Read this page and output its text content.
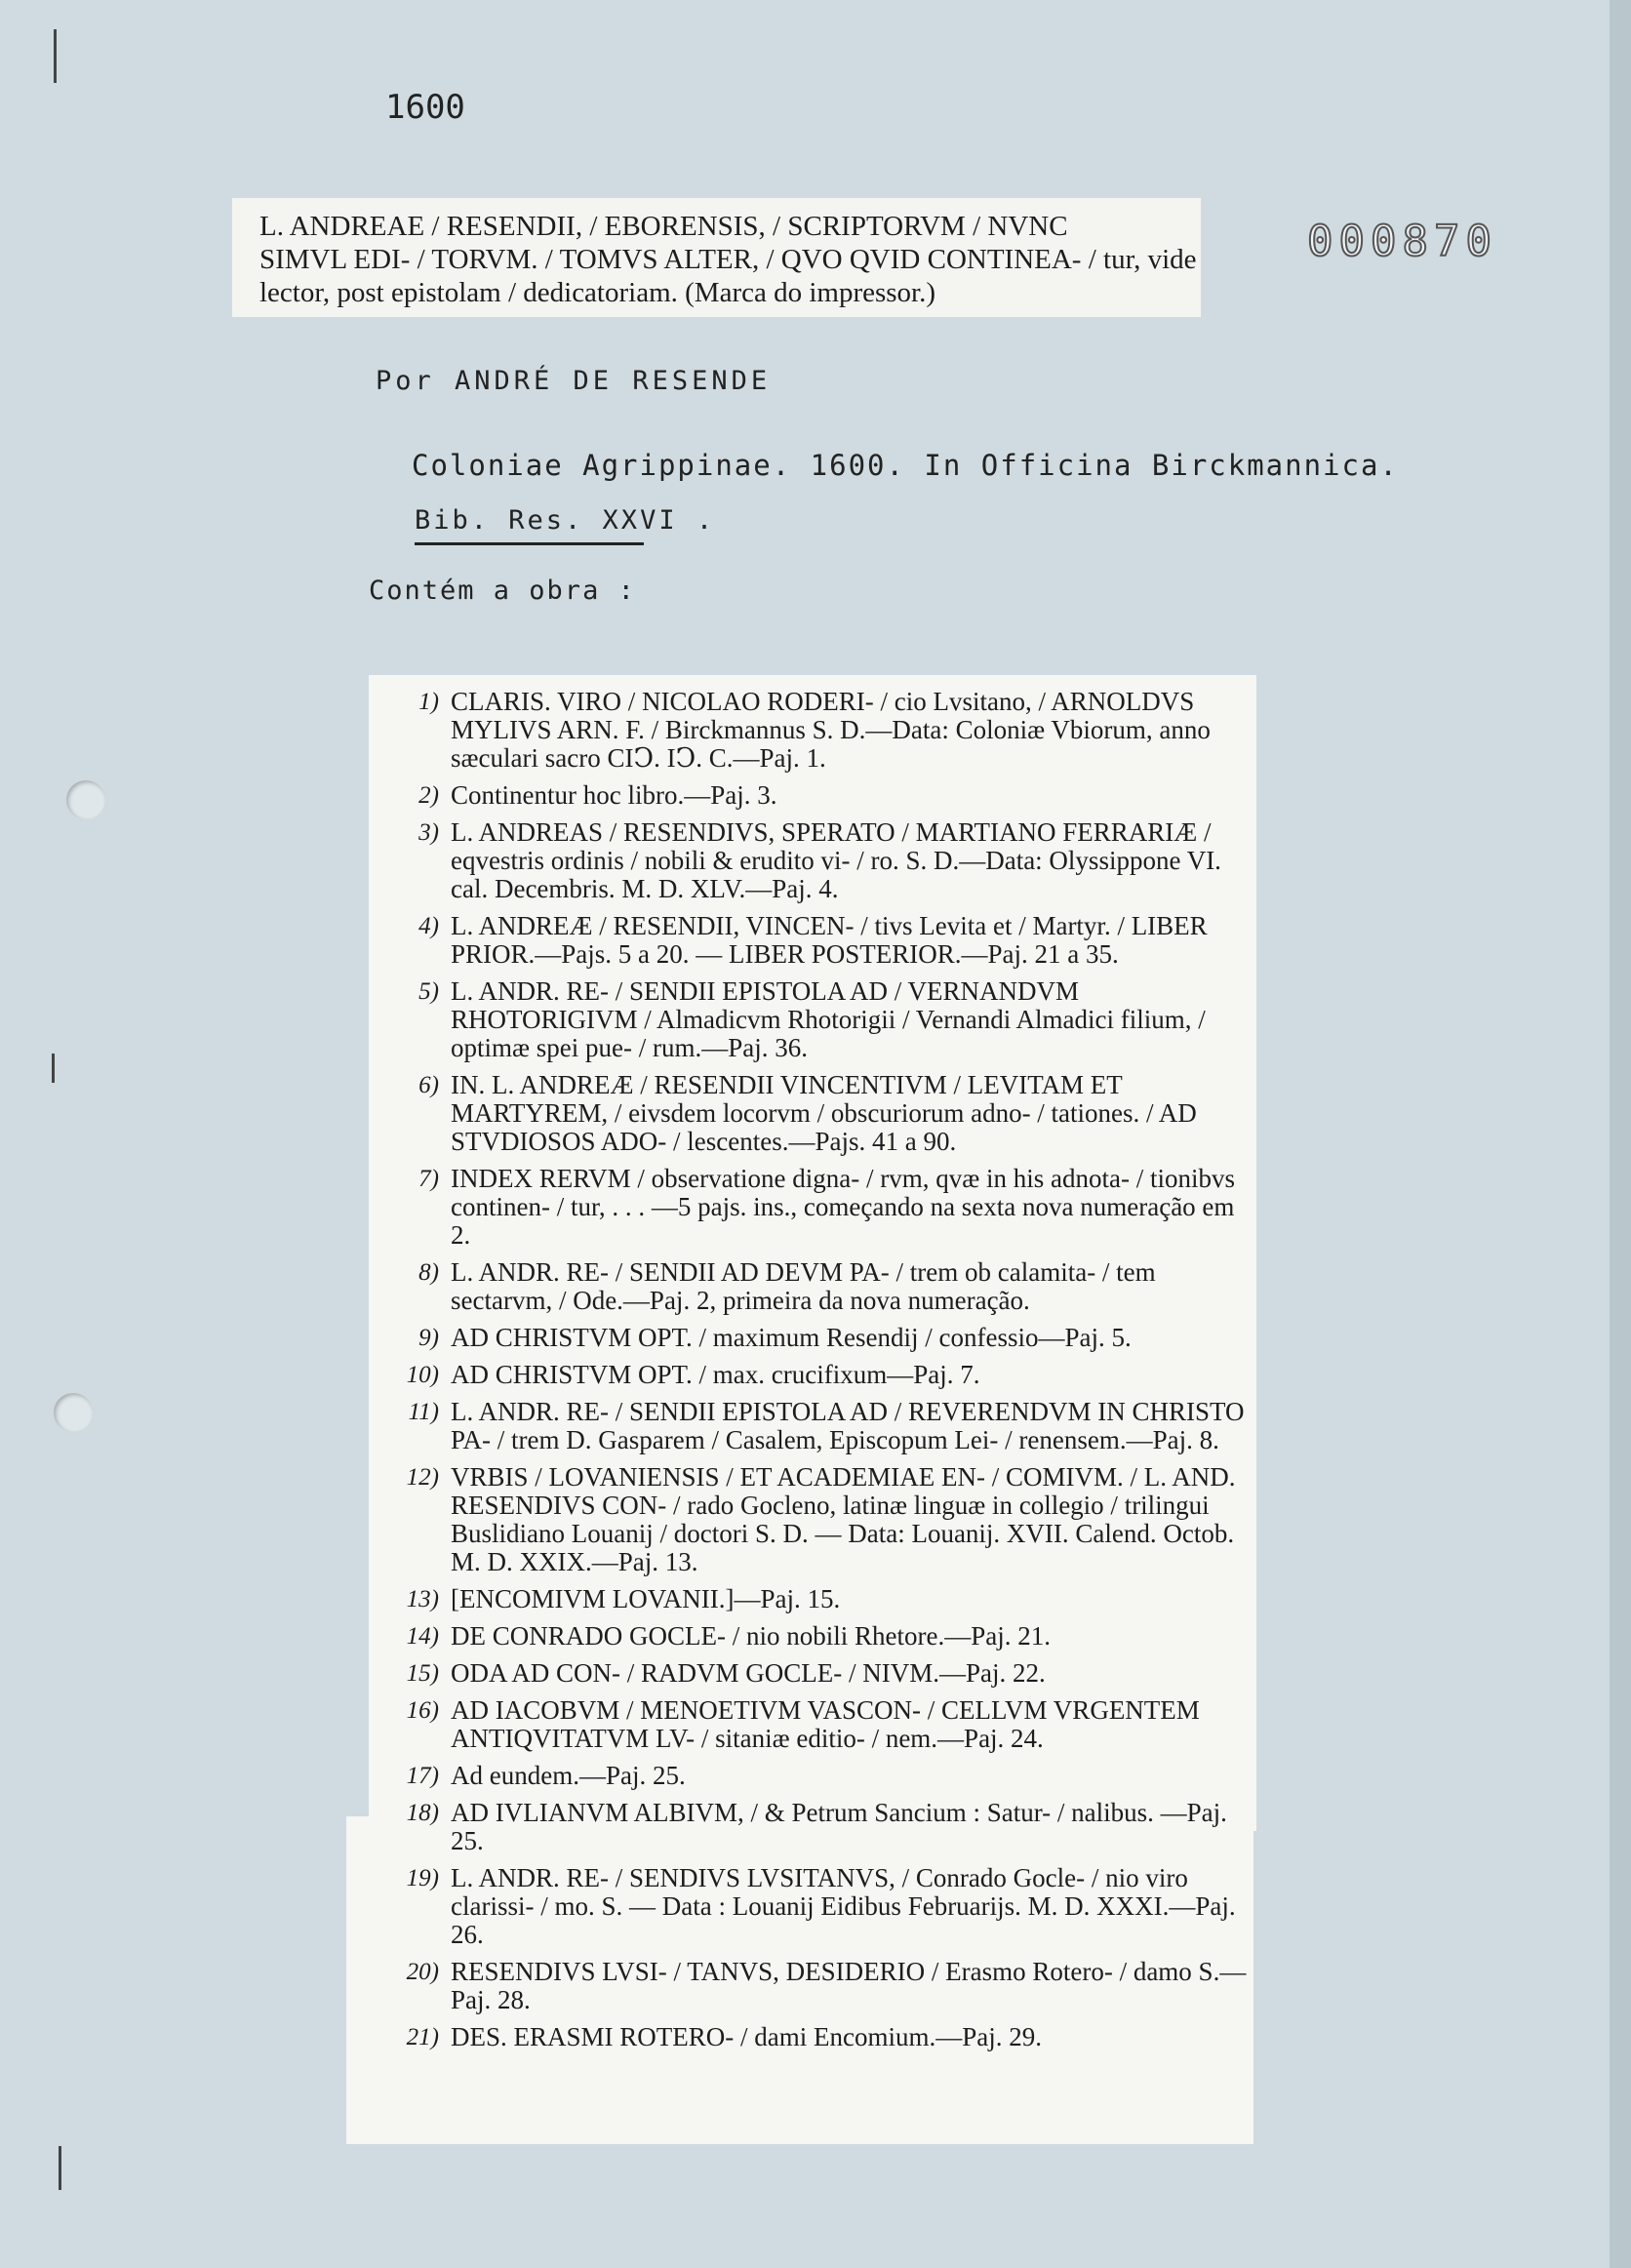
1600
000870
L. ANDREAE / RESENDII, / EBORENSIS, / SCRIPTORVM / NVNC
SIMVL EDI- / TORVM. / TOMVS ALTER, / QVO QVID CONTINEA- / tur, vide
lector, post epistolam / dedicatoriam. (Marca do impressor.)
Por ANDRÉ DE RESENDE
Coloniae Agrippinae. 1600. In Officina Birckmannica.
Bib. Res. XXVI .
Contém a obra :
1) CLARIS. VIRO / NICOLAO RODERI- / cio Lvsitano, / ARNOLDVS MYLIVS ARN. F. / Birckmannus S. D.—Data: Coloniæ Vbiorum, anno sæculari sacro CIↃ. IↃ. C.—Paj. 1.
2) Continentur hoc libro.—Paj. 3.
3) L. ANDREAS / RESENDIVS, SPERATO / MARTIANO FERRARIÆ / eqvestris ordinis / nobili & erudito vi- / ro. S. D.—Data: Olyssippone VI. cal. Decembris. M. D. XLV.—Paj. 4.
4) L. ANDREÆ / RESENDII, VINCEN- / tivs Levita et / Martyr. / LIBER PRIOR.—Pajs. 5 a 20. — LIBER POSTERIOR.—Paj. 21 a 35.
5) L. ANDR. RE- / SENDII EPISTOLA AD / VERNANDVM RHOTORIGIVM / Almadicvm Rhotorigii / Vernandi Almadici filium, / optimæ spei pue- / rum.—Paj. 36.
6) IN. L. ANDREÆ / RESENDII VINCENTIVM / LEVITAM ET MARTYREM, / eivsdem locorvm / obscuriorum adno- / tationes. / AD STVDIOSOS ADO- / lescentes.—Pajs. 41 a 90.
7) INDEX RERVM / observatione digna- / rvm, qvæ in his adnota- / tionibvs continen- / tur, . . . —5 pajs. ins., começando na sexta nova numeração em 2.
8) L. ANDR. RE- / SENDII AD DEVM PA- / trem ob calamita- / tem sectarvm, / Ode.—Paj. 2, primeira da nova numeração.
9) AD CHRISTVM OPT. / maximum Resendij / confessio—Paj. 5.
10) AD CHRISTVM OPT. / max. crucifixum—Paj. 7.
11) L. ANDR. RE- / SENDII EPISTOLA AD / REVERENDVM IN CHRISTO PA- / trem D. Gasparem / Casalem, Episcopum Lei- / renensem.—Paj. 8.
12) VRBIS / LOVANIENSIS / ET ACADEMIAE EN- / COMIVM. / L. AND. RESENDIVS CON- / rado Gocleno, latinæ linguæ in collegio / trilingui Buslidiano Louanij / doctori S. D. — Data: Louanij. XVII. Calend. Octob. M. D. XXIX.—Paj. 13.
13) [ENCOMIVM LOVANII.]—Paj. 15.
14) DE CONRADO GOCLE- / nio nobili Rhetore.—Paj. 21.
15) ODA AD CON- / RADVM GOCLE- / NIVM.—Paj. 22.
16) AD IACOBVM / MENOETIVM VASCON- / CELLVM VRGENTEM ANTIQVITATVM LV- / sitaniæ editio- / nem.—Paj. 24.
17) Ad eundem.—Paj. 25.
18) AD IVLIANVM ALBIVM, / & Petrum Sancium : Satur- / nalibus. —Paj. 25.
19) L. ANDR. RE- / SENDIVS LVSITANVS, / Conrado Gocle- / nio viro clarissi- / mo. S. — Data : Louanij Eidibus Februarijs. M. D. XXXI.—Paj. 26.
20) RESENDIVS LVSI- / TANVS, DESIDERIO / Erasmo Rotero- / damo S.—Paj. 28.
21) DES. ERASMI ROTERO- / dami Encomium.—Paj. 29.
